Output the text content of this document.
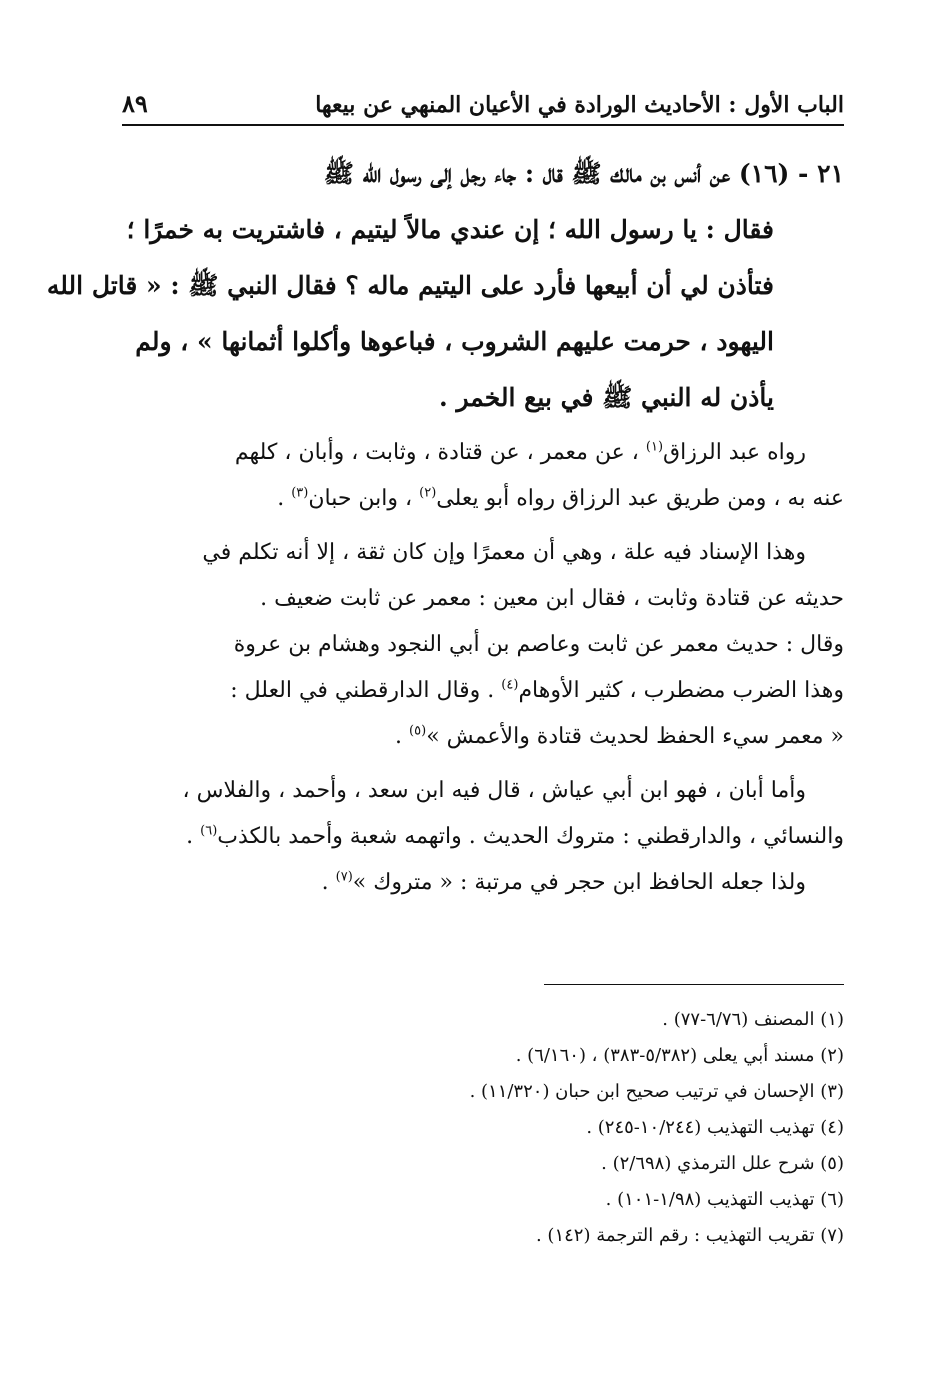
الباب الأول : الأحاديث الورادة في الأعيان المنهي عن بيعها
٨٩
٢١ - (١٦) عن أنس بن مالك ﷺ قال : جاء رجل إلى رسول الله ﷺ
فقال : يا رسول الله ؛ إن عندي مالاً ليتيم ، فاشتريت به خمرًا ؛
فتأذن لي أن أبيعها فأرد على اليتيم ماله ؟ فقال النبي ﷺ : « قاتل الله
اليهود ، حرمت عليهم الشروب ، فباعوها وأكلوا أثمانها » ، ولم
يأذن له النبي ﷺ في بيع الخمر .

رواه عبد الرزاق$^{(١)}$ ، عن معمر ، عن قتادة ، وثابت ، وأبان ، كلهم
عنه به ، ومن طريق عبد الرزاق رواه أبو يعلى$^{(٢)}$ ، وابن حبان$^{(٣)}$ .

وهذا الإسناد فيه علة ، وهي أن معمرًا وإن كان ثقة ، إلا أنه تكلم في
حديثه عن قتادة وثابت ، فقال ابن معين : معمر عن ثابت ضعيف .
وقال : حديث معمر عن ثابت وعاصم بن أبي النجود وهشام بن عروة
وهذا الضرب مضطرب ، كثير الأوهام$^{(٤)}$ . وقال الدارقطني في العلل :
« معمر سيء الحفظ لحديث قتادة والأعمش »$^{(٥)}$ .

وأما أبان ، فهو ابن أبي عياش ، قال فيه ابن سعد ، وأحمد ، والفلاس ،
والنسائي ، والدارقطني : متروك الحديث . واتهمه شعبة وأحمد بالكذب$^{(٦)}$ .

ولذا جعله الحافظ ابن حجر في مرتبة : « متروك »$^{(٧)}$ .

(١) المصنف (٦/٧٦-٧٧) .
(٢) مسند أبي يعلى (٥/٣٨٢-٣٨٣) ، (٦/١٦٠) .
(٣) الإحسان في ترتيب صحيح ابن حبان (١١/٣٢٠) .
(٤) تهذيب التهذيب (١٠/٢٤٤-٢٤٥) .
(٥) شرح علل الترمذي (٢/٦٩٨) .
(٦) تهذيب التهذيب (١/٩٨-١٠١) .
(٧) تقريب التهذيب : رقم الترجمة (١٤٢) .
